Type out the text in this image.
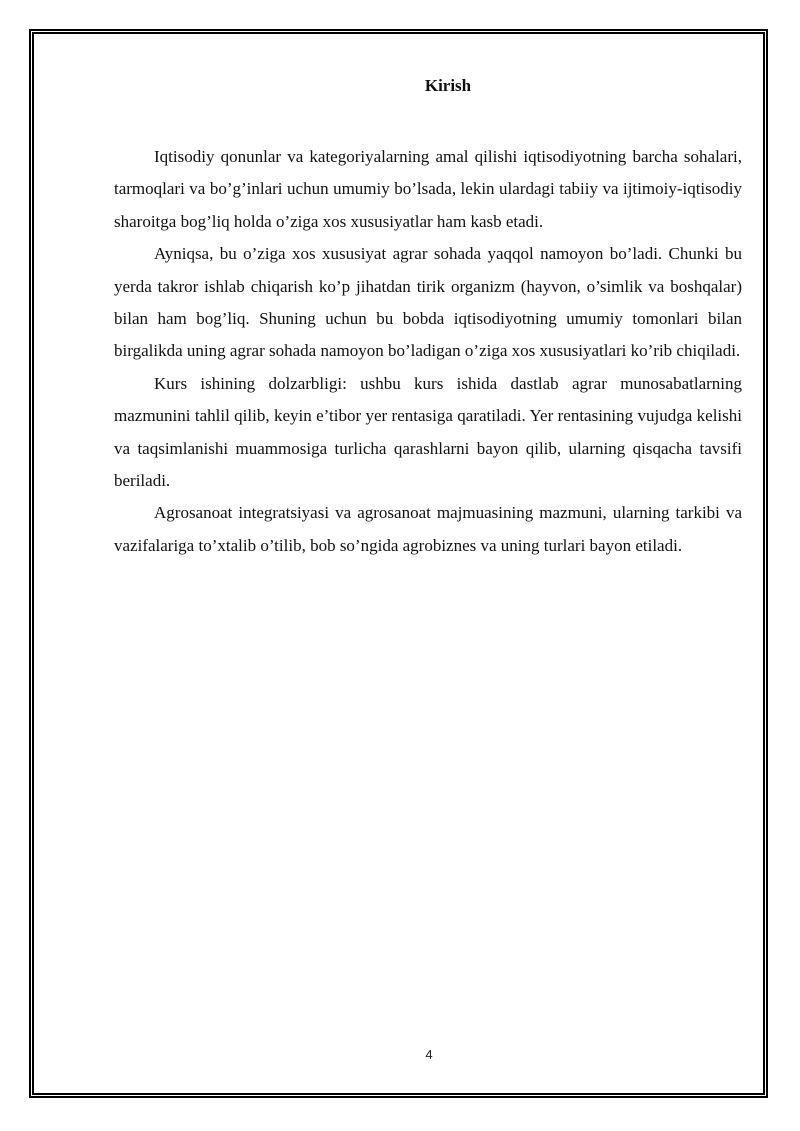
Kirish

Iqtisodiy qonunlar va kategoriyalarning amal qilishi iqtisodiyotning barcha sohalari, tarmoqlari va bo’g’inlari uchun umumiy bo’lsada, lekin ulardagi tabiiy va ijtimoiy-iqtisodiy sharoitga bog’liq holda o’ziga xos xususiyatlar ham kasb etadi.

Ayniqsa, bu o’ziga xos xususiyat agrar sohada yaqqol namoyon bo’ladi. Chunki bu yerda takror ishlab chiqarish ko’p jihatdan tirik organizm (hayvon, o’simlik va boshqalar) bilan ham bog’liq. Shuning uchun bu bobda iqtisodiyotning umumiy tomonlari bilan birgalikda uning agrar sohada namoyon bo’ladigan o’ziga xos xususiyatlari ko’rib chiqiladi.

Kurs ishining dolzarbligi: ushbu kurs ishida dastlab agrar munosabatlarning mazmunini tahlil qilib, keyin e’tibor yer rentasiga qaratiladi. Yer rentasining vujudga kelishi va taqsimlanishi muammosiga turlicha qarashlarni bayon qilib, ularning qisqacha tavsifi beriladi.

Agrosanoat integratsiyasi va agrosanoat majmuasining mazmuni, ularning tarkibi va vazifalariga to’xtalib o’tilib, bob so’ngida agrobiznes va uning turlari bayon etiladi.

4
